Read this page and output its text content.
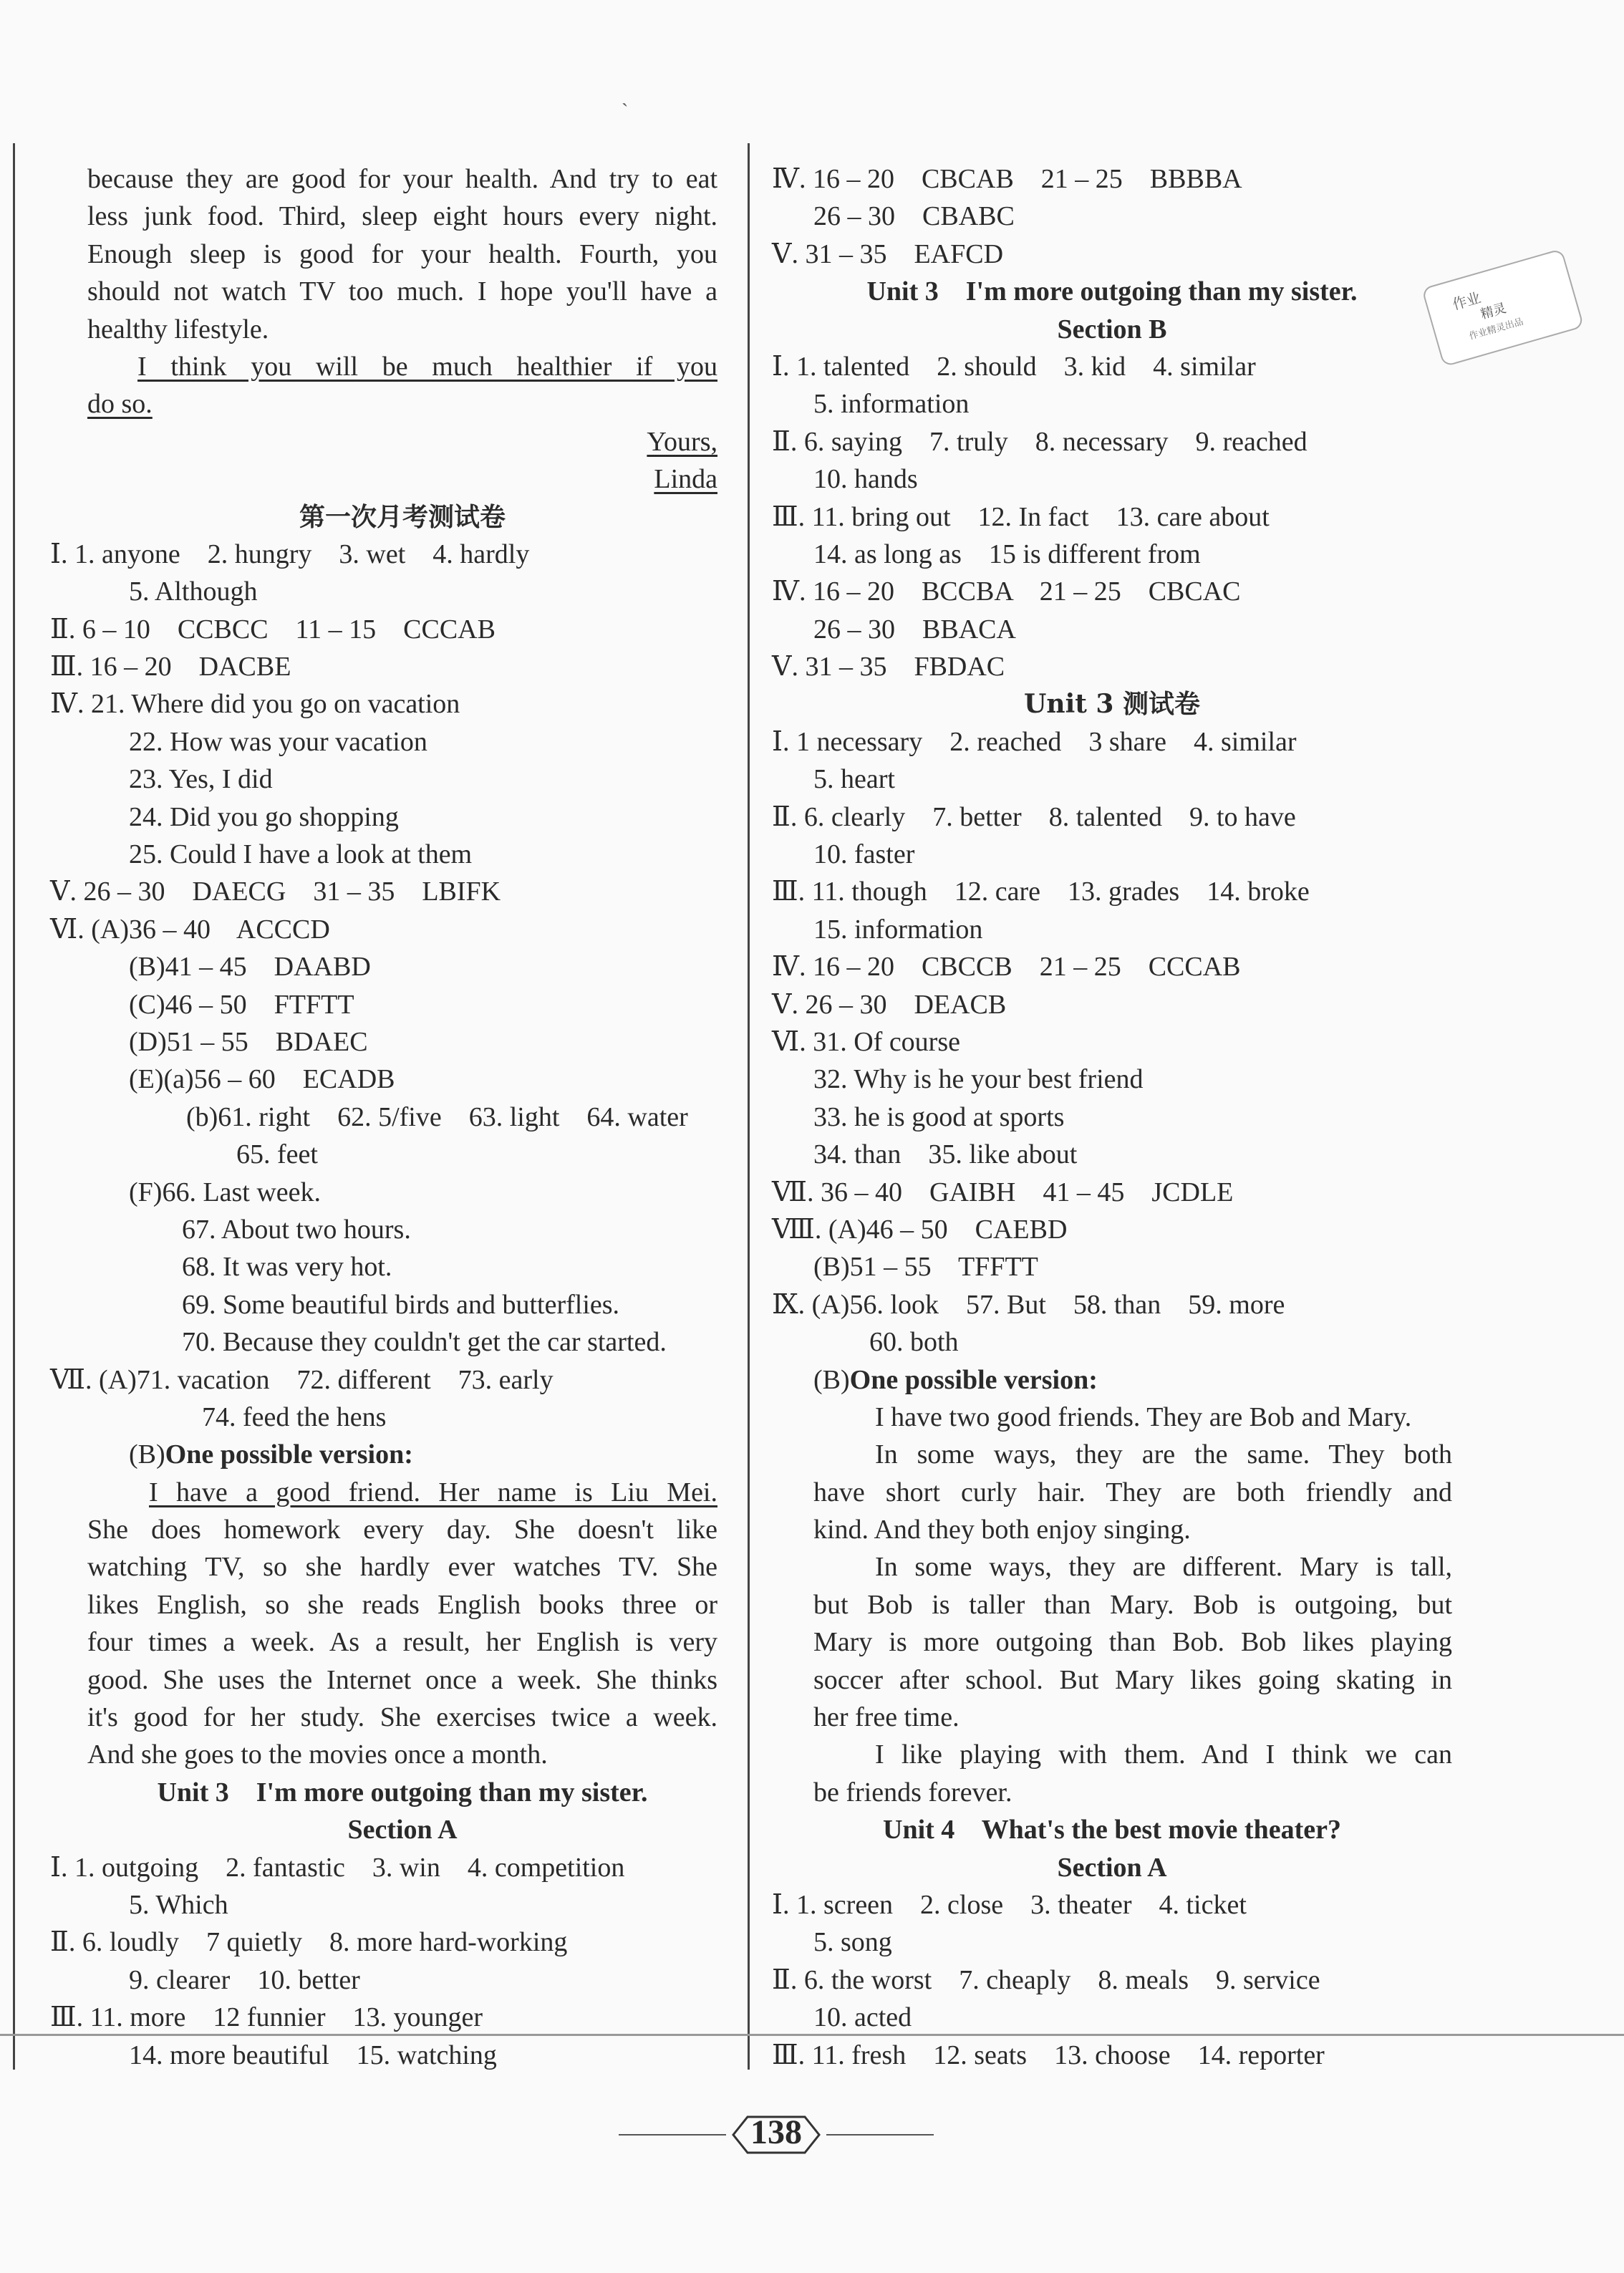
ˋ
because they are good for your health. And try to eat
less junk food. Third, sleep eight hours every night.
Enough sleep is good for your health. Fourth, you
should not watch TV too much. I hope you'll have a
healthy lifestyle.
I think you will be much healthier if you
do so.
Yours,
Linda
第一次月考测试卷
Ⅰ. 1. anyone    2. hungry    3. wet    4. hardly
5. Although
Ⅱ. 6 – 10    CCBCC    11 – 15    CCCAB
Ⅲ. 16 – 20    DACBE
Ⅳ. 21. Where did you go on vacation
22. How was your vacation
23. Yes, I did
24. Did you go shopping
25. Could I have a look at them
Ⅴ. 26 – 30    DAECG    31 – 35    LBIFK
Ⅵ. (A)36 – 40    ACCCD
(B)41 – 45    DAABD
(C)46 – 50    FTFTT
(D)51 – 55    BDAEC
(E)(a)56 – 60    ECADB
(b)61. right    62. 5/five    63. light    64. water
65. feet
(F)66. Last week.
67. About two hours.
68. It was very hot.
69. Some beautiful birds and butterflies.
70. Because they couldn't get the car started.
Ⅶ. (A)71. vacation    72. different    73. early
74. feed the hens
(B)One possible version:
I have a good friend. Her name is Liu Mei.
She does homework every day. She doesn't like
watching TV, so she hardly ever watches TV. She
likes English, so she reads English books three or
four times a week. As a result, her English is very
good. She uses the Internet once a week. She thinks
it's good for her study. She exercises twice a week.
And she goes to the movies once a month.
Unit 3    I'm more outgoing than my sister.
Section A
Ⅰ. 1. outgoing    2. fantastic    3. win    4. competition
5. Which
Ⅱ. 6. loudly    7 quietly    8. more hard-working
9. clearer    10. better
Ⅲ. 11. more    12 funnier    13. younger
14. more beautiful    15. watching
Ⅳ. 16 – 20    CBCAB    21 – 25    BBBBA
26 – 30    CBABC
Ⅴ. 31 – 35    EAFCD
Unit 3    I'm more outgoing than my sister.
Section B
Ⅰ. 1. talented    2. should    3. kid    4. similar
5. information
Ⅱ. 6. saying    7. truly    8. necessary    9. reached
10. hands
Ⅲ. 11. bring out    12. In fact    13. care about
14. as long as    15 is different from
Ⅳ. 16 – 20    BCCBA    21 – 25    CBCAC
26 – 30    BBACA
Ⅴ. 31 – 35    FBDAC
Unit 3 测试卷
Ⅰ. 1 necessary    2. reached    3 share    4. similar
5. heart
Ⅱ. 6. clearly    7. better    8. talented    9. to have
10. faster
Ⅲ. 11. though    12. care    13. grades    14. broke
15. information
Ⅳ. 16 – 20    CBCCB    21 – 25    CCCAB
Ⅴ. 26 – 30    DEACB
Ⅵ. 31. Of course
32. Why is he your best friend
33. he is good at sports
34. than    35. like about
Ⅶ. 36 – 40    GAIBH    41 – 45    JCDLE
Ⅷ. (A)46 – 50    CAEBD
(B)51 – 55    TFFTT
Ⅸ. (A)56. look    57. But    58. than    59. more
60. both
(B)One possible version:
I have two good friends. They are Bob and Mary.
In some ways, they are the same. They both
have short curly hair. They are both friendly and
kind. And they both enjoy singing.
In some ways, they are different. Mary is tall,
but Bob is taller than Mary. Bob is outgoing, but
Mary is more outgoing than Bob. Bob likes playing
soccer after school. But Mary likes going skating in
her free time.
I like playing with them. And I think we can
be friends forever.
Unit 4    What's the best movie theater?
Section A
Ⅰ. 1. screen    2. close    3. theater    4. ticket
5. song
Ⅱ. 6. the worst    7. cheaply    8. meals    9. service
10. acted
Ⅲ. 11. fresh    12. seats    13. choose    14. reporter
作业
精灵
作业精灵出品
138
